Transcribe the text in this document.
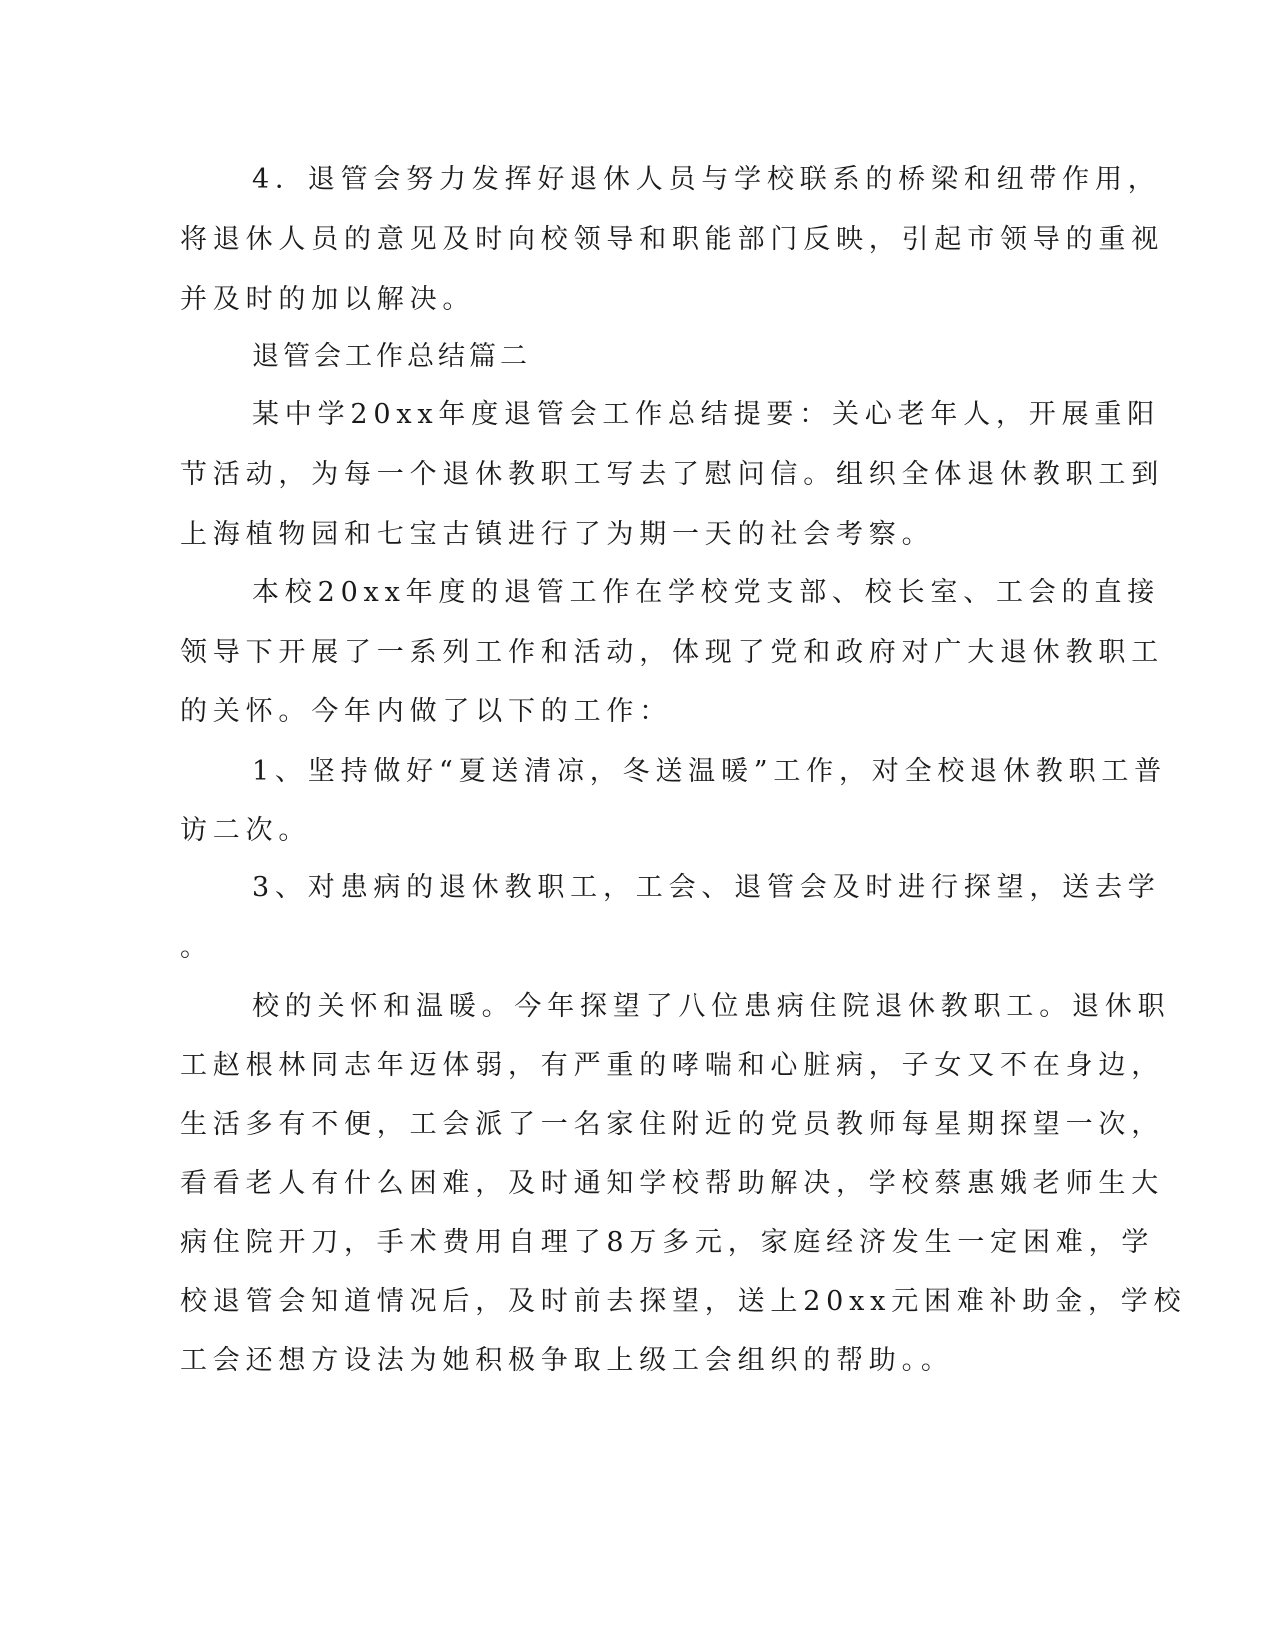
4．退管会努力发挥好退休人员与学校联系的桥梁和纽带作用，

将退休人员的意见及时向校领导和职能部门反映，引起市领导的重视

并及时的加以解决。

退管会工作总结篇二

某中学20xx年度退管会工作总结提要：关心老年人，开展重阳

节活动，为每一个退休教职工写去了慰问信。组织全体退休教职工到

上海植物园和七宝古镇进行了为期一天的社会考察。

本校20xx年度的退管工作在学校党支部、校长室、工会的直接

领导下开展了一系列工作和活动，体现了党和政府对广大退休教职工

的关怀。今年内做了以下的工作：

1、坚持做好“夏送清凉，冬送温暖”工作，对全校退休教职工普

访二次。

3、对患病的退休教职工，工会、退管会及时进行探望，送去学

。

校的关怀和温暖。今年探望了八位患病住院退休教职工。退休职

工赵根林同志年迈体弱，有严重的哮喘和心脏病，子女又不在身边，

生活多有不便，工会派了一名家住附近的党员教师每星期探望一次，

看看老人有什么困难，及时通知学校帮助解决，学校蔡惠娥老师生大

病住院开刀，手术费用自理了8万多元，家庭经济发生一定困难，学

校退管会知道情况后，及时前去探望，送上20xx元困难补助金，学校

工会还想方设法为她积极争取上级工会组织的帮助。。
